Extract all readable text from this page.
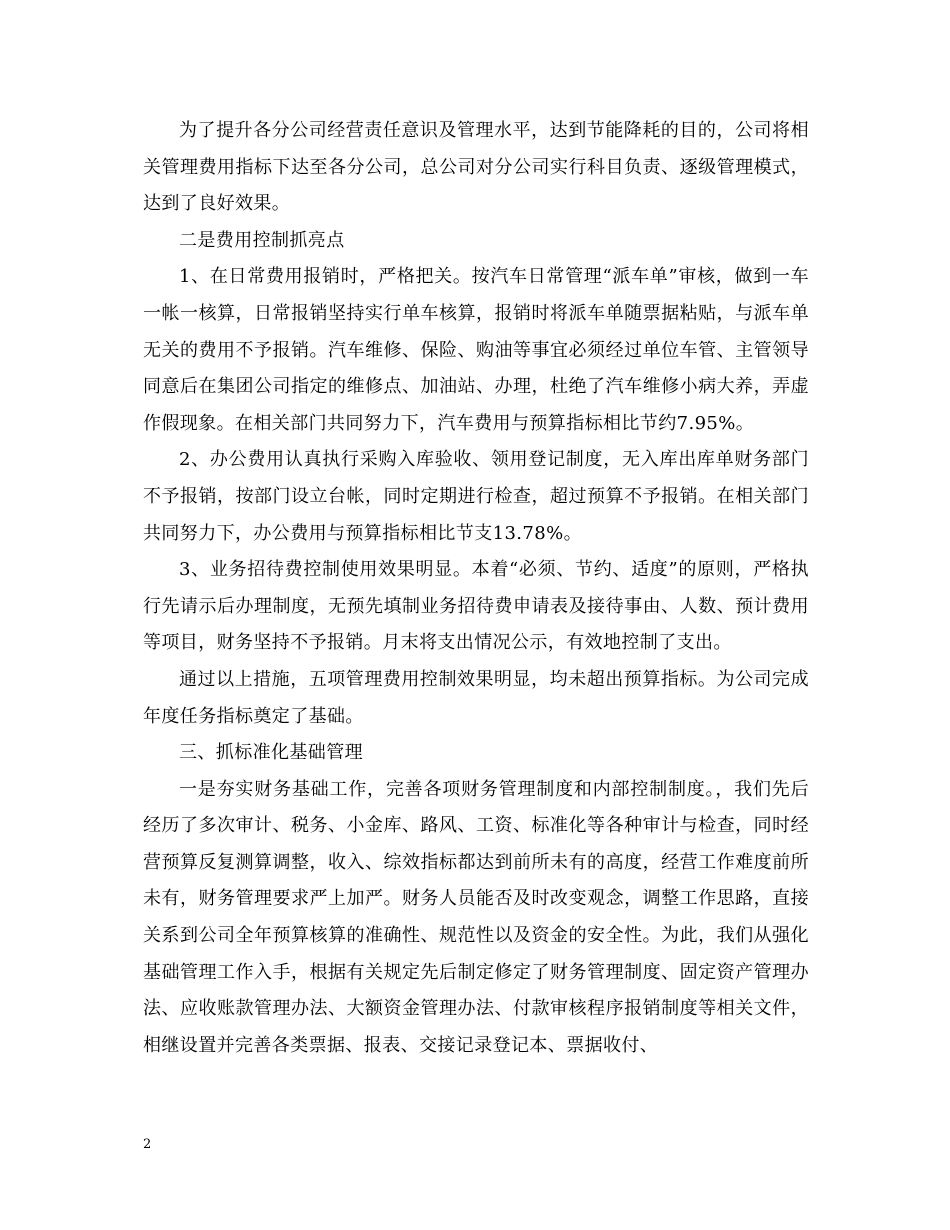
为了提升各分公司经营责任意识及管理水平，达到节能降耗的目的，公司将相关管理费用指标下达至各分公司，总公司对分公司实行科目负责、逐级管理模式，达到了良好效果。

二是费用控制抓亮点

1、在日常费用报销时，严格把关。按汽车日常管理“派车单”审核，做到一车一帐一核算，日常报销坚持实行单车核算，报销时将派车单随票据粘贴，与派车单无关的费用不予报销。汽车维修、保险、购油等事宜必须经过单位车管、主管领导同意后在集团公司指定的维修点、加油站、办理，杜绝了汽车维修小病大养，弄虚作假现象。在相关部门共同努力下，汽车费用与预算指标相比节约7.95%。

2、办公费用认真执行采购入库验收、领用登记制度，无入库出库单财务部门不予报销，按部门设立台帐，同时定期进行检查，超过预算不予报销。在相关部门共同努力下，办公费用与预算指标相比节支13.78%。

3、业务招待费控制使用效果明显。本着“必须、节约、适度”的原则，严格执行先请示后办理制度，无预先填制业务招待费申请表及接待事由、人数、预计费用等项目，财务坚持不予报销。月末将支出情况公示，有效地控制了支出。

通过以上措施，五项管理费用控制效果明显，均未超出预算指标。为公司完成年度任务指标奠定了基础。

三、抓标准化基础管理

一是夯实财务基础工作，完善各项财务管理制度和内部控制制度。，我们先后经历了多次审计、税务、小金库、路风、工资、标准化等各种审计与检查，同时经营预算反复测算调整，收入、综效指标都达到前所未有的高度，经营工作难度前所未有，财务管理要求严上加严。财务人员能否及时改变观念，调整工作思路，直接关系到公司全年预算核算的准确性、规范性以及资金的安全性。为此，我们从强化基础管理工作入手，根据有关规定先后制定修定了财务管理制度、固定资产管理办法、应收账款管理办法、大额资金管理办法、付款审核程序报销制度等相关文件，相继设置并完善各类票据、报表、交接记录登记本、票据收付、

2
